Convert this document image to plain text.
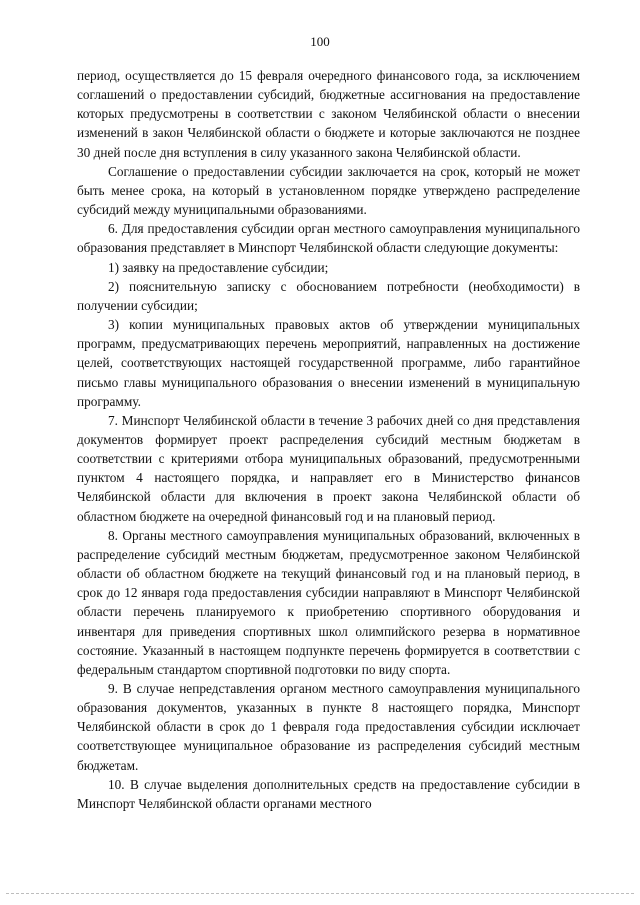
100

период, осуществляется до 15 февраля очередного финансового года, за исключением соглашений о предоставлении субсидий, бюджетные ассигнования на предоставление которых предусмотрены в соответствии с законом Челябинской области о внесении изменений в закон Челябинской области о бюджете и которые заключаются не позднее 30 дней после дня вступления в силу указанного закона Челябинской области.

Соглашение о предоставлении субсидии заключается на срок, который не может быть менее срока, на который в установленном порядке утверждено распределение субсидий между муниципальными образованиями.

6. Для предоставления субсидии орган местного самоуправления муниципального образования представляет в Минспорт Челябинской области следующие документы:

1) заявку на предоставление субсидии;

2) пояснительную записку с обоснованием потребности (необходимости) в получении субсидии;

3) копии муниципальных правовых актов об утверждении муниципальных программ, предусматривающих перечень мероприятий, направленных на достижение целей, соответствующих настоящей государственной программе, либо гарантийное письмо главы муниципального образования о внесении изменений в муниципальную программу.

7. Минспорт Челябинской области в течение 3 рабочих дней со дня представления документов формирует проект распределения субсидий местным бюджетам в соответствии с критериями отбора муниципальных образований, предусмотренными пунктом 4 настоящего порядка, и направляет его в Министерство финансов Челябинской области для включения в проект закона Челябинской области об областном бюджете на очередной финансовый год и на плановый период.

8. Органы местного самоуправления муниципальных образований, включенных в распределение субсидий местным бюджетам, предусмотренное законом Челябинской области об областном бюджете на текущий финансовый год и на плановый период, в срок до 12 января года предоставления субсидии направляют в Минспорт Челябинской области перечень планируемого к приобретению спортивного оборудования и инвентаря для приведения спортивных школ олимпийского резерва в нормативное состояние. Указанный в настоящем подпункте перечень формируется в соответствии с федеральным стандартом спортивной подготовки по виду спорта.

9. В случае непредставления органом местного самоуправления муниципального образования документов, указанных в пункте 8 настоящего порядка, Минспорт Челябинской области в срок до 1 февраля года предоставления субсидии исключает соответствующее муниципальное образование из распределения субсидий местным бюджетам.

10. В случае выделения дополнительных средств на предоставление субсидии в Минспорт Челябинской области органами местного
